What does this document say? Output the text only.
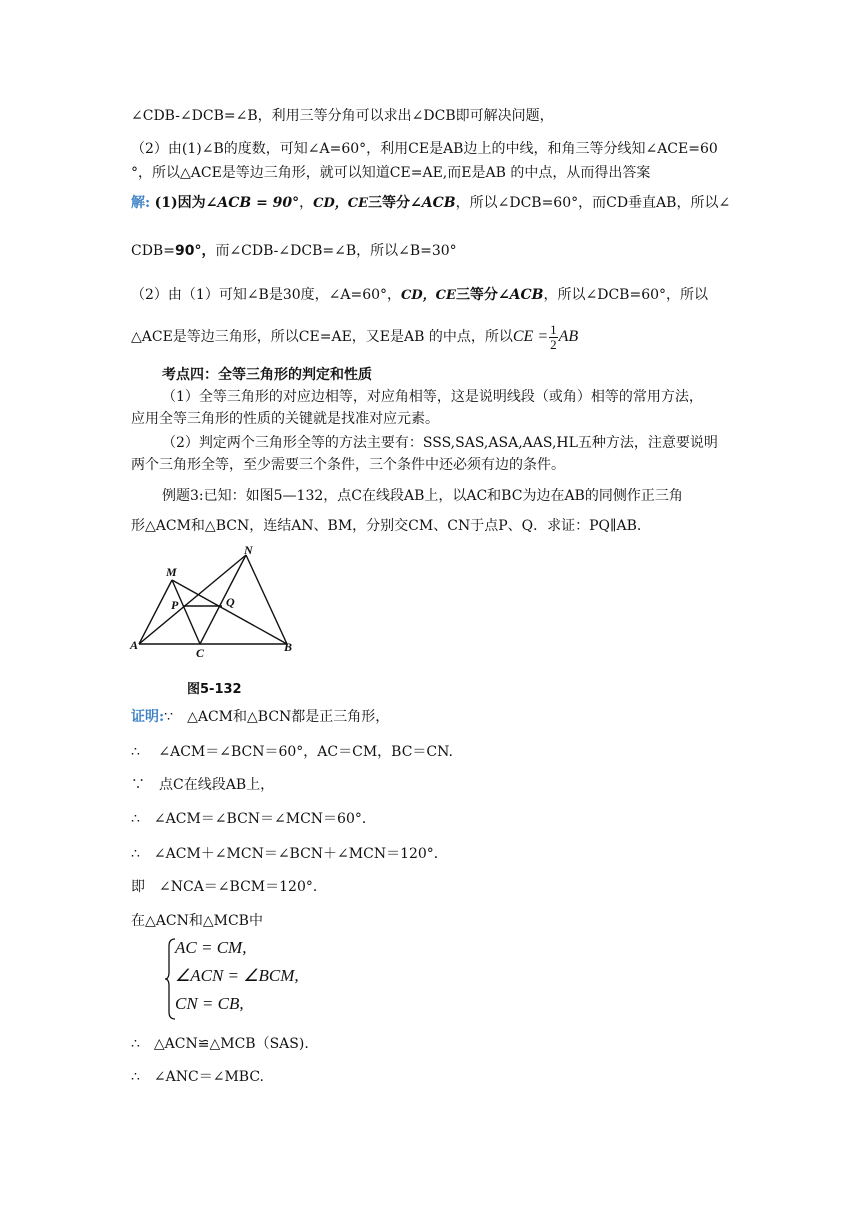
∠CDB-∠DCB=∠B，利用三等分角可以求出∠DCB即可解决问题，
（2）由(1)∠B的度数，可知∠A=60°，利用CE是AB边上的中线，和角三等分线知∠ACE=60
°，所以△ACE是等边三角形，就可以知道CE=AE,而E是AB 的中点，从而得出答案
解: (1)因为∠ACB = 90°，CD，CE三等分∠ACB，所以∠DCB=60°，而CD垂直AB，所以∠
CDB=90°，而∠CDB-∠DCB=∠B，所以∠B=30°
（2）由（1）可知∠B是30度，∠A=60°，CD，CE三等分∠ACB，所以∠DCB=60°，所以
△ACE是等边三角形，所以CE=AE，又E是AB 的中点，所以CE = $\frac{1}{2}$ AB
考点四：全等三角形的判定和性质
（1）全等三角形的对应边相等，对应角相等，这是说明线段（或角）相等的常用方法，
应用全等三角形的性质的关键就是找准对应元素。
（2）判定两个三角形全等的方法主要有：SSS,SAS,ASA,AAS,HL五种方法，注意要说明
两个三角形全等，至少需要三个条件，三个条件中还必须有边的条件。
例题3:已知：如图5—132，点C在线段AB上，以AC和BC为边在AB的同侧作正三角
形△ACM和△BCN，连结AN、BM，分别交CM、CN于点P、Q．求证：PQ∥AB.
M
N
P	Q
A
C	B
图5-132
证明:∵　△ACM和△BCN都是正三角形，
∴　 ∠ACM＝∠BCN＝60°，AC＝CM，BC＝CN.
∵　点C在线段AB上，
∴　∠ACM＝∠BCN＝∠MCN＝60°．
∴　∠ACM＋∠MCN＝∠BCN＋∠MCN＝120°．
即　∠NCA＝∠BCM＝120°．
在△ACN和△MCB中
AC = CM,
∠ACN = ∠BCM,
CN = CB,
∴　△ACN≌△MCB（SAS).
∴　∠ANC＝∠MBC.
